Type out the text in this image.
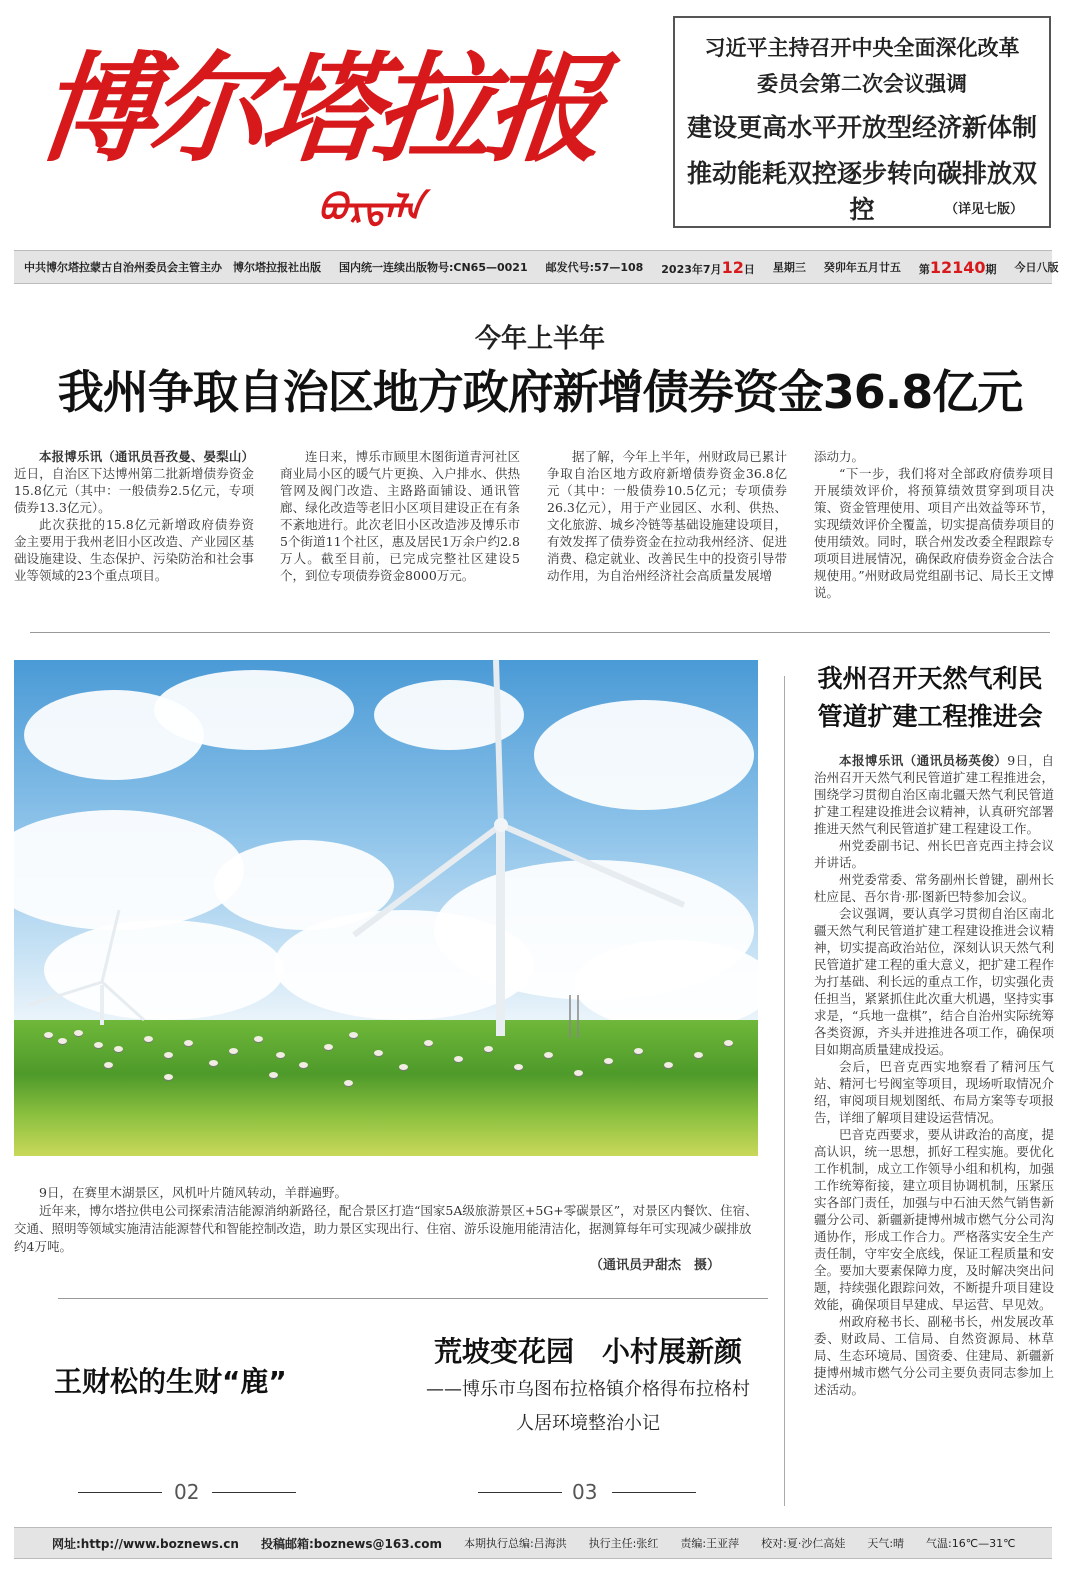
博尔塔拉报
ᠪᠣᠷᠲᠠᠯᠠ
习近平主持召开中央全面深化改革
委员会第二次会议强调
建设更高水平开放型经济新体制
推动能耗双控逐步转向碳排放双控	（详见七版）
中共博尔塔拉蒙古自治州委员会主管主办　博尔塔拉报社出版 国内统一连续出版物号:CN65—0021 邮发代号:57—108 2023年7月12日 星期三 癸卯年五月廿五 第12140期 今日八版
今年上半年
我州争取自治区地方政府新增债券资金36.8亿元

本报博乐讯（通讯员吾孜曼、晏梨山）近日，自治区下达博州第二批新增债券资金15.8亿元（其中：一般债券2.5亿元，专项债券13.3亿元）。

此次获批的15.8亿元新增政府债券资金主要用于我州老旧小区改造、产业园区基础设施建设、生态保护、污染防治和社会事业等领域的23个重点项目。

连日来，博乐市顾里木图街道青河社区商业局小区的暖气片更换、入户排水、供热管网及阀门改造、主路路面铺设、通讯管廊、绿化改造等老旧小区项目建设正在有条不紊地进行。此次老旧小区改造涉及博乐市5个街道11个社区，惠及居民1万余户约2.8万人。截至目前，已完成完整社区建设5个，到位专项债券资金8000万元。

据了解，今年上半年，州财政局已累计争取自治区地方政府新增债券资金36.8亿元（其中：一般债券10.5亿元；专项债券26.3亿元），用于产业园区、水利、供热、文化旅游、城乡冷链等基础设施建设项目，有效发挥了债券资金在拉动我州经济、促进消费、稳定就业、改善民生中的投资引导带动作用，为自治州经济社会高质量发展增

添动力。

“下一步，我们将对全部政府债券项目开展绩效评价，将预算绩效贯穿到项目决策、资金管理使用、项目产出效益等环节，实现绩效评价全覆盖，切实提高债券项目的使用绩效。同时，联合州发改委全程跟踪专项项目进展情况，确保政府债券资金合法合规使用。”州财政局党组副书记、局长王文博说。

9日，在赛里木湖景区，风机叶片随风转动，羊群遍野。

近年来，博尔塔拉供电公司探索清洁能源消纳新路径，配合景区打造“国家5A级旅游景区+5G+零碳景区”，对景区内餐饮、住宿、交通、照明等领域实施清洁能源替代和智能控制改造，助力景区实现出行、住宿、游乐设施用能清洁化，据测算每年可实现减少碳排放约4万吨。

（通讯员尹甜杰　摄）
我州召开天然气利民
管道扩建工程推进会

本报博乐讯（通讯员杨英俊）9日，自治州召开天然气利民管道扩建工程推进会，围绕学习贯彻自治区南北疆天然气利民管道扩建工程建设推进会议精神，认真研究部署推进天然气利民管道扩建工程建设工作。

州党委副书记、州长巴音克西主持会议并讲话。

州党委常委、常务副州长曾键，副州长杜应昆、吾尔肯·那·图新巴特参加会议。

会议强调，要认真学习贯彻自治区南北疆天然气利民管道扩建工程建设推进会议精神，切实提高政治站位，深刻认识天然气利民管道扩建工程的重大意义，把扩建工程作为打基础、利长远的重点工作，切实强化责任担当，紧紧抓住此次重大机遇，坚持实事求是，“兵地一盘棋”，结合自治州实际统筹各类资源，齐头并进推进各项工作，确保项目如期高质量建成投运。

会后，巴音克西实地察看了精河压气站、精河七号阀室等项目，现场听取情况介绍，审阅项目规划图纸、布局方案等专项报告，详细了解项目建设运营情况。

巴音克西要求，要从讲政治的高度，提高认识，统一思想，抓好工程实施。要优化工作机制，成立工作领导小组和机构，加强工作统筹衔接，建立项目协调机制，压紧压实各部门责任，加强与中石油天然气销售新疆分公司、新疆新捷博州城市燃气分公司沟通协作，形成工作合力。严格落实安全生产责任制，守牢安全底线，保证工程质量和安全。要加大要素保障力度，及时解决突出问题，持续强化跟踪问效，不断提升项目建设效能，确保项目早建成、早运营、早见效。

州政府秘书长、副秘书长，州发展改革委、财政局、工信局、自然资源局、林草局、生态环境局、国资委、住建局、新疆新捷博州城市燃气分公司主要负责同志参加上述活动。

王财松的生财“鹿”
荒坡变花园　小村展新颜
——博乐市乌图布拉格镇介格得布拉格村
人居环境整治小记
02	03
网址:http://www.boznews.cn 投稿邮箱:boznews@163.com 本期执行总编:吕海洪 执行主任:张红 责编:王亚萍 校对:夏·沙仁高娃 天气:晴 气温:16℃—31℃
